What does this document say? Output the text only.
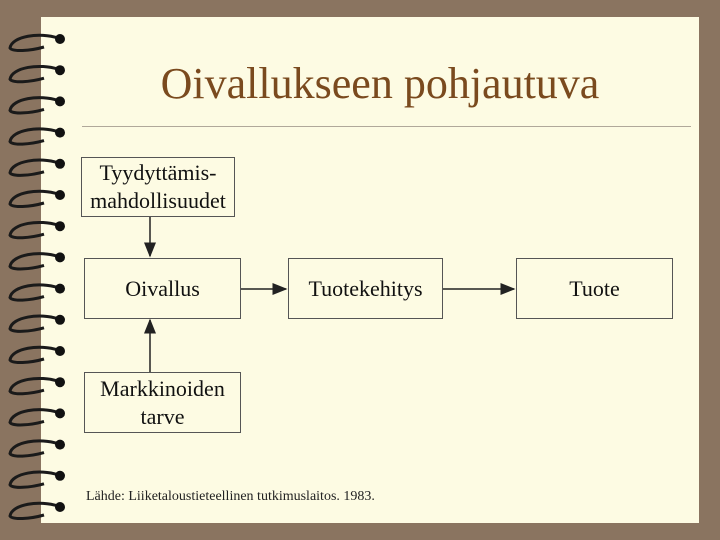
Oivallukseen pohjautuva
Tyydyttämis-
mahdollisuudet
Oivallus	Tuotekehitys	Tuote
Markkinoiden
tarve
Lähde: Liiketaloustieteellinen tutkimuslaitos. 1983.
